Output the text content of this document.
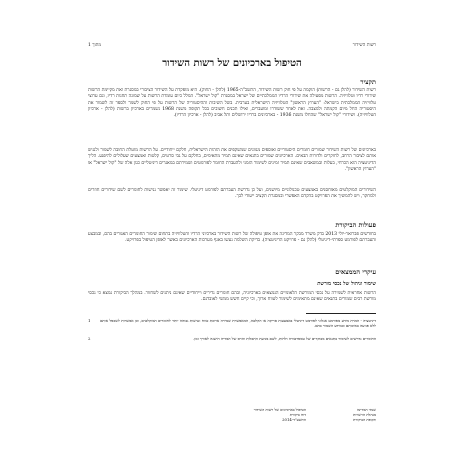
1 מתוך	רשות השידור
הטיפול בארכיונים של רשות השידור
תקציר
רשות השידור (להלן גם - הרשות) הוקמה על פי חוק רשות השידור, התשכ"ה-1965 (להלן - החוק). היא מופקדת על השידור הציבורי במסגרת ואת מקיימת הרשות שידורי רדיו וטלוויזיה. הרשות מפעילה את שידורי הרדיו הממלכתיים של ישראל במסגרת "קול ישראל". המלל כיום עומדת הרשות על שמונה תחנות רדיו, וגם ערוצי טלוויזיה הממלכתית בישראל: "הערוץ הראשון" הטלוויזיה הישראלית בערבית. בשל השיבות וההיסטוריה של הרשות על פי החוק לשמר ולספר זה לשמור את היסטוריה החל מיום הקמתה ולמצבה. זאת לאחר ששודרו ומועברים, ואילו תכנים חשובים בכל תקופה משנת 1968 נשמרים בארכיון ברשות (להלן - ארכיון הטלוויזיה). ושידורי "קול ישראל" שהחלו משנת 1936 - בארכיונים ברדיו ירושלים ותל אביב (להלן - ארכיון הרדיו).
בארכיונים של רשות השידור שמורים חומרים היסטוריים ואוספים מגוונים שמשקפים את הזהות הישראלית, חלקם ייחודיים. על הרשות מוטלת החובה לשמור ולנגיש אותם לציבור הרחב, לחוקרים ולדורות הבאים. הארכיונים שמורים בתנאים שאינם תמיד מתאימים, בחלקם על גבי סרטים, קלטות ואמצעים שעלולים להיפגע. הליך הדיגיטציה הוא הכרחי, בעלות ובמשאבים שאינם תמיד זמינים לשימור הזמני ולהעברת החומר לפורמטים ושמירתם במאגרים דיגיטליים כגון אלה של "קול ישראל" או "הערוץ הראשון".
השידורים המוקלטים מאוחסנים באמצעים טכנולוגיים מיושנים, ועל כן נדרשת העברתם לפורמט דיגיטלי. שימור זה יאפשר נגישות לחומרים לשם שידורים חוזרים ולמחקר, ויש להמשיך את הפרויקט בהקדם האפשרי ובמסגרת תקציב ייעודי לכך.
פעולות הביקורת
בחודשים פברואר-יולי 2013 בדק משרד מבקר המדינה את אופן טיפולה של רשות השידור בארכיוני הרדיו והטלוויזיה בתחום שימור החומרים האגורים בהם, ובמבצע והעברתם לפורמט ספרתי-דיגיטלי (להלן גם - פרויקט הדיגיטציה). בדיקת השלמה נעשו באגף מערכות הארכיונים באשר לאופן הטיפול בפרויקט.
עיקרי הממצאים
שימור וניהול של נכסי מורשת
הרשות אחראית לשמירה על נכסי המורשת הלאומיים הנמצאים בארכיוניה, ובהם חומרים נדירים וייחודיים שאינם ניתנים לשחזור. במהלך הביקורת נמצא כי נכסי מורשת רבים שמורים בתנאים שאינם מתאימים לשימור לטווח ארוך, וכי קיים חשש ממשי לאובדנם.
1	דיגיטציה - המרת מידע מפורמט אנלוגי לפורמט דיגיטלי באמצעות סריקה או הקלטה, המאפשרת שמירה ארוכת טווח ונגישות גבוהה יותר לחומרים המוקלטים, וכן אפשרות לשכפל אותם ללא פגיעה באיכותם ובמידע השמור בהם.
2	החומרים נדרשים לשימור בתנאים מבוקרים של טמפרטורה ולחות, לשם מניעת התכלות והרס של המדיה הישנה לאורך זמן.
שנתי המדינה
מנהלת הרשויות
תקופת הביקורת
הטיפול בארכיונים של רשות השידור
דוח ביקורת
התשע"ד-2014
